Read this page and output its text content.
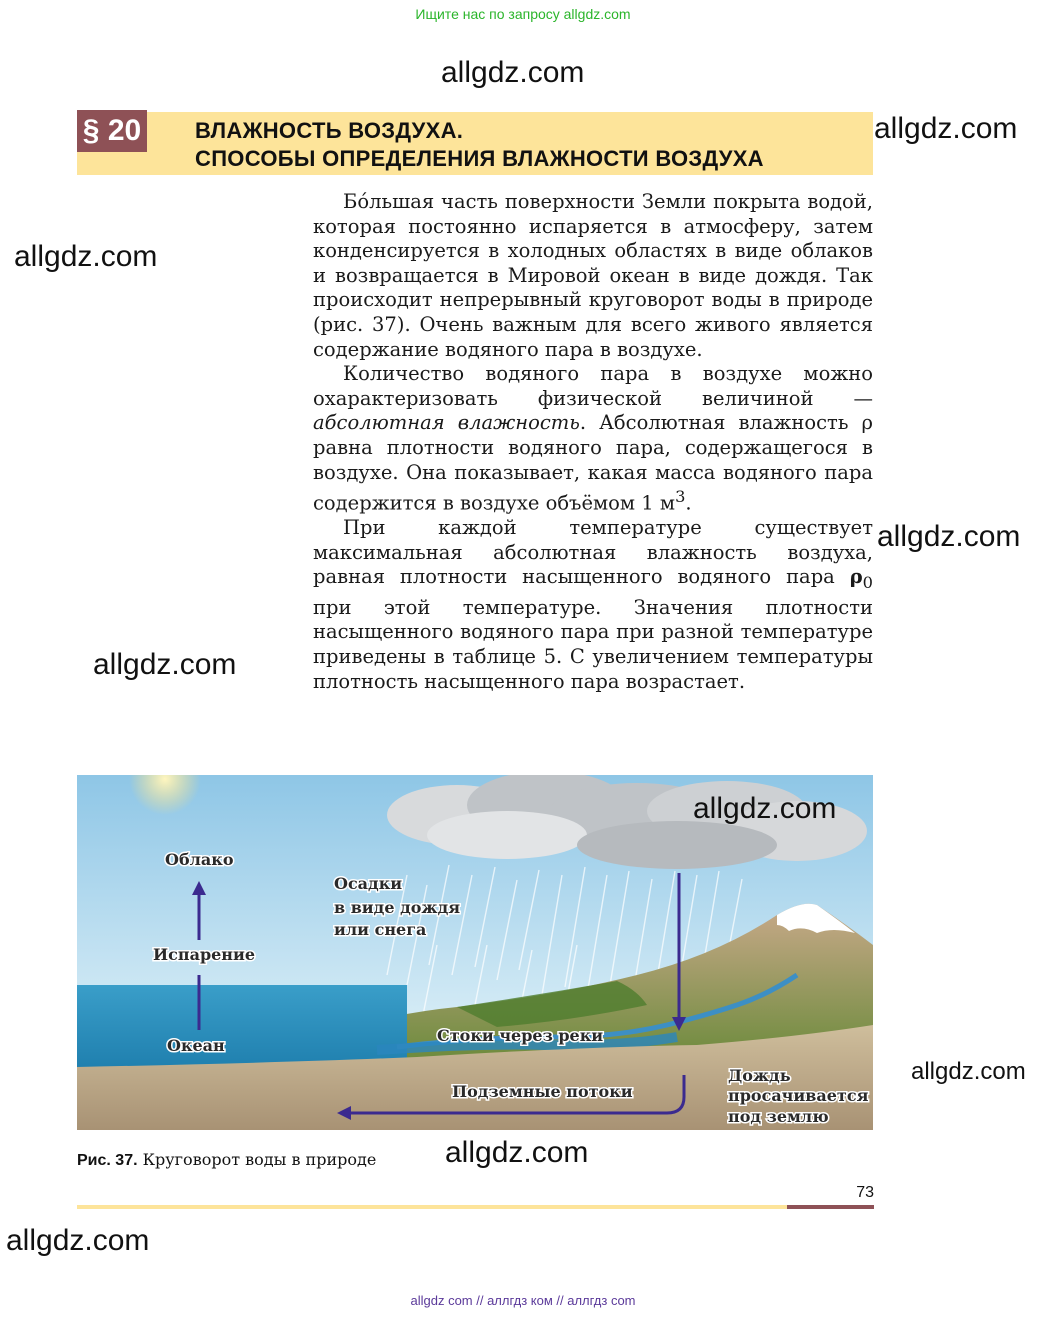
Ищите нас по запросу allgdz.com
allgdz.com
allgdz.com
allgdz.com
allgdz.com
allgdz.com
allgdz.com
allgdz.com
allgdz.com
§ 20 ВЛАЖНОСТЬ ВОЗДУХА.
СПОСОБЫ ОПРЕДЕЛЕНИЯ ВЛАЖНОСТИ ВОЗДУХА

Бóльшая часть поверхности Земли покрыта водой, которая постоянно испаряется в атмосферу, затем конденсируется в холодных областях в виде облаков и возвращается в Мировой океан в виде дождя. Так происходит непрерывный круговорот воды в природе (рис. 37). Очень важным для всего живого является содержание водяного пара в воздухе.

Количество водяного пара в воздухе можно охарактеризовать физической величиной — абсолютная влажность. Абсолютная влажность ρ равна плотности водяного пара, содержащегося в воздухе. Она показывает, какая масса водяного пара содержится в воздухе объёмом 1 $м^3$.

При каждой температуре существует максимальная абсолютная влажность воздуха, равная плотности насыщенного водяного пара $\rho_0$ при этой температуре. Значения плотности насыщенного водяного пара при разной температуре приведены в таблице 5. С увеличением температуры плотность насыщенного пара возрастает.

Облако
Испарение
Океан
Осадки
в виде дождя
или снега
Стоки через реки
Подземные потоки
Дождь
просачивается
под землю
allgdz.com
Рис. 37. Круговорот воды в природе
73
allgdz com // аллгдз ком // аллгдз com
